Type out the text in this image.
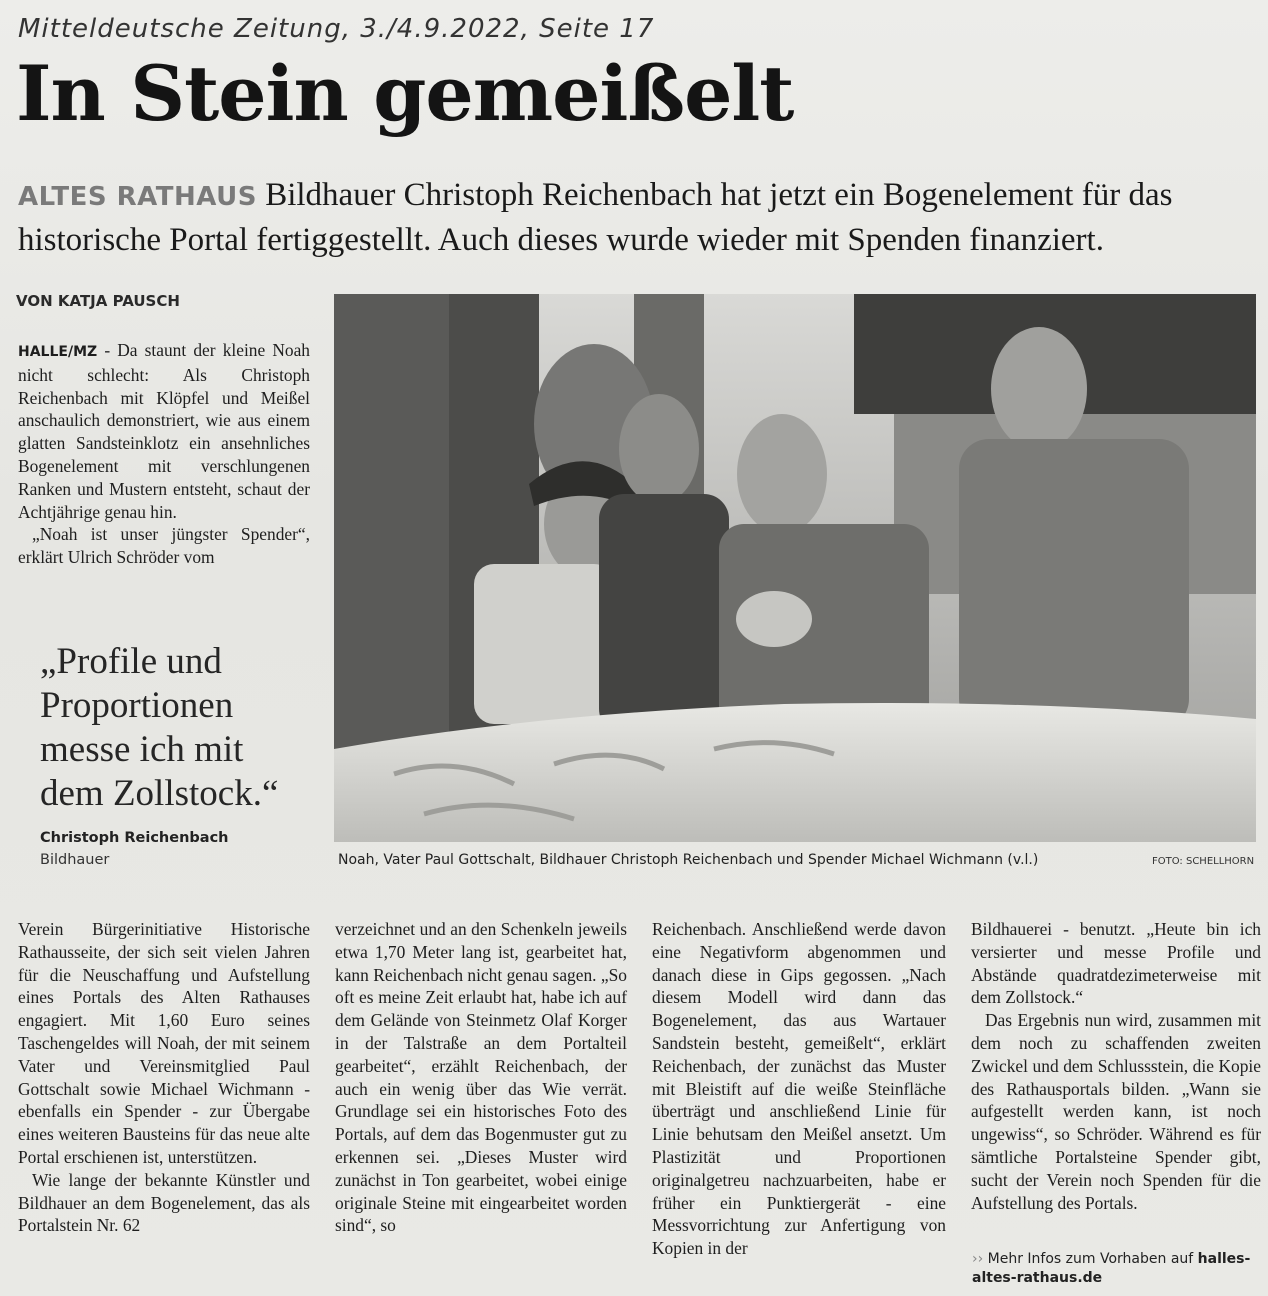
Mitteldeutsche Zeitung, 3./4.9.2022, Seite 17
In Stein gemeißelt
ALTES RATHAUS Bildhauer Christoph Reichenbach hat jetzt ein Bogenelement für das historische Portal fertiggestellt. Auch dieses wurde wieder mit Spenden finanziert.
VON KATJA PAUSCH

HALLE/MZ - Da staunt der kleine Noah nicht schlecht: Als Christoph Reichenbach mit Klöpfel und Meißel anschaulich demonstriert, wie aus einem glatten Sandsteinklotz ein ansehnliches Bogenelement mit verschlungenen Ranken und Mustern entsteht, schaut der Achtjährige genau hin.

„Noah ist unser jüngster Spender“, erklärt Ulrich Schröder vom

„Profile und Proportionen messe ich mit dem Zollstock.“
Christoph Reichenbach
Bildhauer	Noah, Vater Paul Gottschalt, Bildhauer Christoph Reichenbach und Spender Michael Wichmann (v.l.)	FOTO: SCHELLHORN

Verein Bürgerinitiative Historische Rathausseite, der sich seit vielen Jahren für die Neuschaffung und Aufstellung eines Portals des Alten Rathauses engagiert. Mit 1,60 Euro seines Taschengeldes will Noah, der mit seinem Vater und Vereinsmitglied Paul Gottschalt sowie Michael Wichmann - ebenfalls ein Spender - zur Übergabe eines weiteren Bausteins für das neue alte Portal erschienen ist, unterstützen.

Wie lange der bekannte Künstler und Bildhauer an dem Bogenelement, das als Portalstein Nr. 62

verzeichnet und an den Schenkeln jeweils etwa 1,70 Meter lang ist, gearbeitet hat, kann Reichenbach nicht genau sagen. „So oft es meine Zeit erlaubt hat, habe ich auf dem Gelände von Steinmetz Olaf Korger in der Talstraße an dem Portalteil gearbeitet“, erzählt Reichenbach, der auch ein wenig über das Wie verrät. Grundlage sei ein historisches Foto des Portals, auf dem das Bogenmuster gut zu erkennen sei. „Dieses Muster wird zunächst in Ton gearbeitet, wobei einige originale Steine mit eingearbeitet worden sind“, so

Reichenbach. Anschließend werde davon eine Negativform abgenommen und danach diese in Gips gegossen. „Nach diesem Modell wird dann das Bogenelement, das aus Wartauer Sandstein besteht, gemeißelt“, erklärt Reichenbach, der zunächst das Muster mit Bleistift auf die weiße Steinfläche überträgt und anschließend Linie für Linie behutsam den Meißel ansetzt. Um Plastizität und Proportionen originalgetreu nachzuarbeiten, habe er früher ein Punktiergerät - eine Messvorrichtung zur Anfertigung von Kopien in der

Bildhauerei - benutzt. „Heute bin ich versierter und messe Profile und Abstände quadratdezimeterweise mit dem Zollstock.“

Das Ergebnis nun wird, zusammen mit dem noch zu schaffenden zweiten Zwickel und dem Schlussstein, die Kopie des Rathausportals bilden. „Wann sie aufgestellt werden kann, ist noch ungewiss“, so Schröder. Während es für sämtliche Portalsteine Spender gibt, sucht der Verein noch Spenden für die Aufstellung des Portals.

›› Mehr Infos zum Vorhaben auf halles-altes-rathaus.de
